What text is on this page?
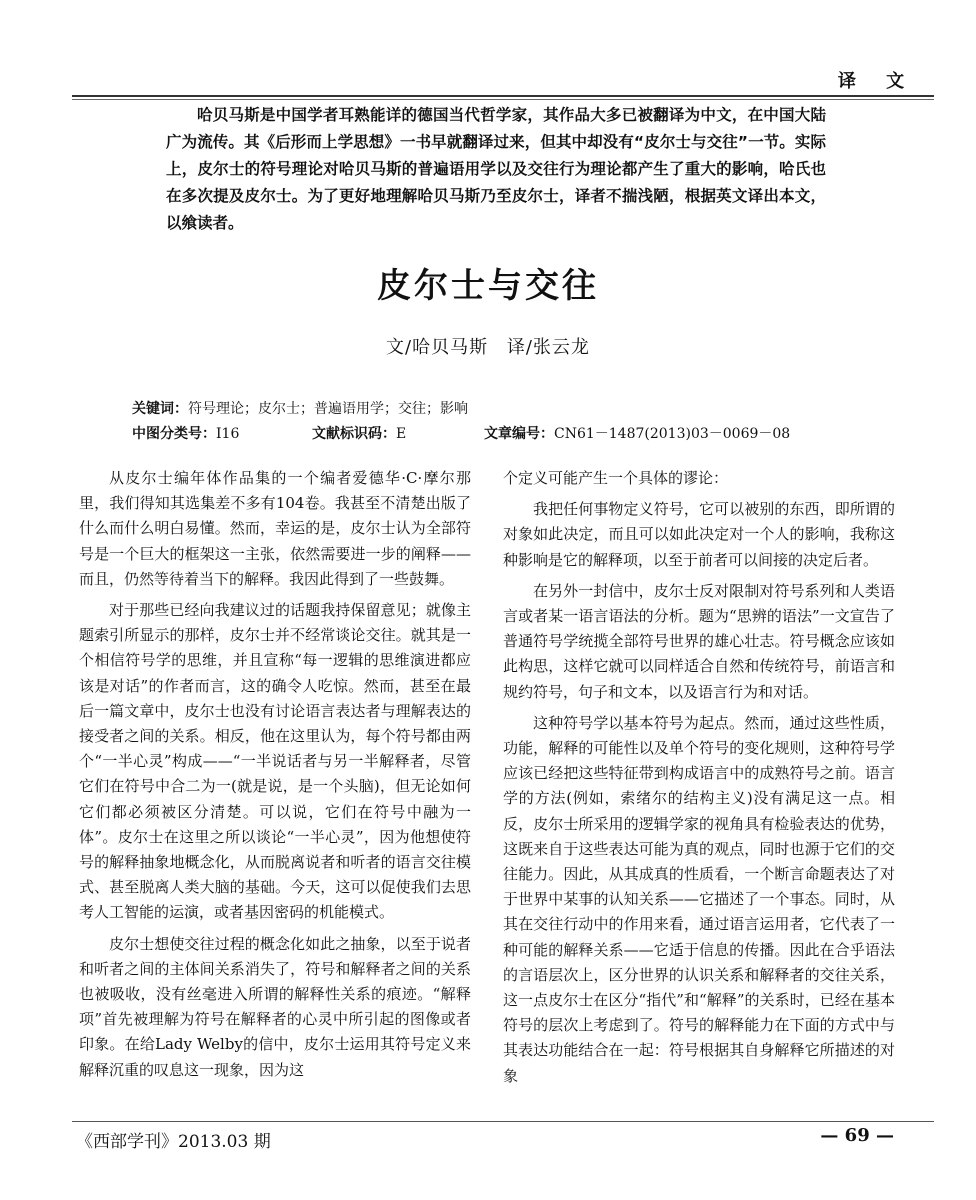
译 文

哈贝马斯是中国学者耳熟能详的德国当代哲学家，其作品大多已被翻译为中文，在中国大陆广为流传。其《后形而上学思想》一书早就翻译过来，但其中却没有“皮尔士与交往”一节。实际上，皮尔士的符号理论对哈贝马斯的普遍语用学以及交往行为理论都产生了重大的影响，哈氏也在多次提及皮尔士。为了更好地理解哈贝马斯乃至皮尔士，译者不揣浅陋，根据英文译出本文，以飨读者。

皮尔士与交往
文/哈贝马斯 译/张云龙
关键词：符号理论；皮尔士；普遍语用学；交往；影响
中图分类号：I16	文献标识码：E	文章编号：CN61－1487(2013)03－0069－08

从皮尔士编年体作品集的一个编者爱德华·C·摩尔那里，我们得知其选集差不多有104卷。我甚至不清楚出版了什么而什么明白易懂。然而，幸运的是，皮尔士认为全部符号是一个巨大的框架这一主张，依然需要进一步的阐释——而且，仍然等待着当下的解释。我因此得到了一些鼓舞。

对于那些已经向我建议过的话题我持保留意见；就像主题索引所显示的那样，皮尔士并不经常谈论交往。就其是一个相信符号学的思维，并且宣称“每一逻辑的思维演进都应该是对话”的作者而言，这的确令人吃惊。然而，甚至在最后一篇文章中，皮尔士也没有讨论语言表达者与理解表达的接受者之间的关系。相反，他在这里认为，每个符号都由两个“一半心灵”构成——“一半说话者与另一半解释者，尽管它们在符号中合二为一(就是说，是一个头脑)，但无论如何它们都必须被区分清楚。可以说，它们在符号中融为一体”。皮尔士在这里之所以谈论“一半心灵”，因为他想使符号的解释抽象地概念化，从而脱离说者和听者的语言交往模式、甚至脱离人类大脑的基础。今天，这可以促使我们去思考人工智能的运演，或者基因密码的机能模式。

皮尔士想使交往过程的概念化如此之抽象，以至于说者和听者之间的主体间关系消失了，符号和解释者之间的关系也被吸收，没有丝毫进入所谓的解释性关系的痕迹。“解释项”首先被理解为符号在解释者的心灵中所引起的图像或者印象。在给Lady Welby的信中，皮尔士运用其符号定义来解释沉重的叹息这一现象，因为这

个定义可能产生一个具体的谬论：

我把任何事物定义符号，它可以被别的东西，即所谓的对象如此决定，而且可以如此决定对一个人的影响，我称这种影响是它的解释项，以至于前者可以间接的决定后者。

在另外一封信中，皮尔士反对限制对符号系列和人类语言或者某一语言语法的分析。题为“思辨的语法”一文宣告了普通符号学统揽全部符号世界的雄心壮志。符号概念应该如此构思，这样它就可以同样适合自然和传统符号，前语言和规约符号，句子和文本，以及语言行为和对话。

这种符号学以基本符号为起点。然而，通过这些性质，功能，解释的可能性以及单个符号的变化规则，这种符号学应该已经把这些特征带到构成语言中的成熟符号之前。语言学的方法(例如，索绪尔的结构主义)没有满足这一点。相反，皮尔士所采用的逻辑学家的视角具有检验表达的优势，这既来自于这些表达可能为真的观点，同时也源于它们的交往能力。因此，从其成真的性质看，一个断言命题表达了对于世界中某事的认知关系——它描述了一个事态。同时，从其在交往行动中的作用来看，通过语言运用者，它代表了一种可能的解释关系——它适于信息的传播。因此在合乎语法的言语层次上，区分世界的认识关系和解释者的交往关系，这一点皮尔士在区分“指代”和“解释”的关系时，已经在基本符号的层次上考虑到了。符号的解释能力在下面的方式中与其表达功能结合在一起：符号根据其自身解释它所描述的对象

《西部学刊》2013.03 期	— 69 —
